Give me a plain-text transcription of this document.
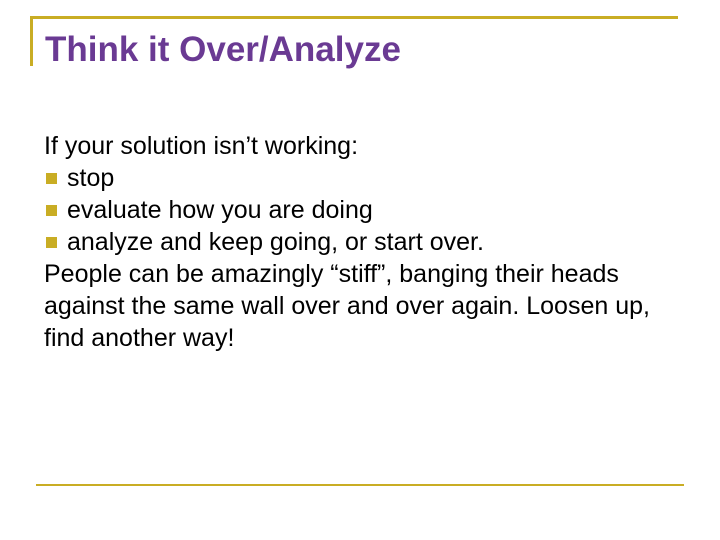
Think it Over/Analyze

If your solution isn’t working:

stop
evaluate how you are doing
analyze and keep going, or start over.

People can be amazingly “stiff”, banging their heads against the same wall over and over again. Loosen up, find another way!
